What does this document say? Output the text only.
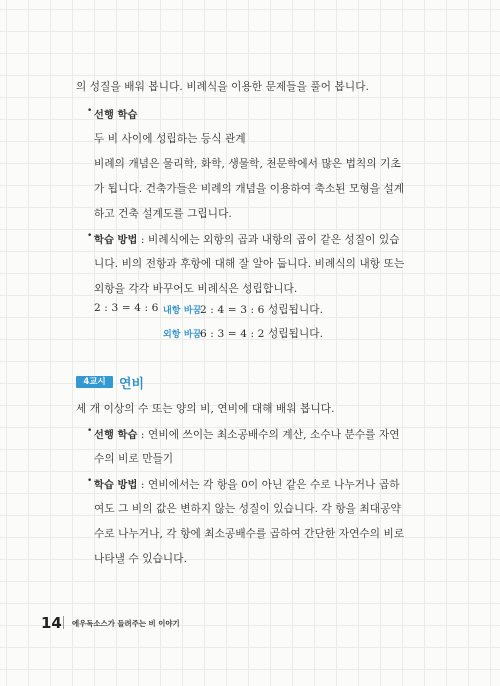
의 성질을 배워 봅니다. 비례식을 이용한 문제들을 풀어 봅니다.
• 선행 학습
두 비 사이에 성립하는 등식 관계
비례의 개념은 물리학, 화학, 생물학, 천문학에서 많은 법칙의 기초
가 됩니다. 건축가들은 비례의 개념을 이용하여 축소된 모형을 설계
하고 건축 설계도를 그립니다.
• 학습 방법 : 비례식에는 외항의 곱과 내항의 곱이 같은 성질이 있습
니다. 비의 전항과 후항에 대해 잘 알아 둡니다. 비례식의 내항 또는
외항을 각각 바꾸어도 비례식은 성립합니다.
2 : 3 = 4 : 6 내항 바꿈
2 : 4 = 3 : 6 성립됩니다.
외항 바꿈
6 : 3 = 4 : 2 성립됩니다.
4교시	연비
세 개 이상의 수 또는 양의 비, 연비에 대해 배워 봅니다.
• 선행 학습 : 연비에 쓰이는 최소공배수의 계산, 소수나 분수를 자연
수의 비로 만들기
• 학습 방법 : 연비에서는 각 항을 0이 아닌 같은 수로 나누거나 곱하
여도 그 비의 값은 변하지 않는 성질이 있습니다. 각 항을 최대공약
수로 나누거나, 각 항에 최소공배수를 곱하여 간단한 자연수의 비로
나타낼 수 있습니다.
14 에우독소스가 들려주는 비 이야기
